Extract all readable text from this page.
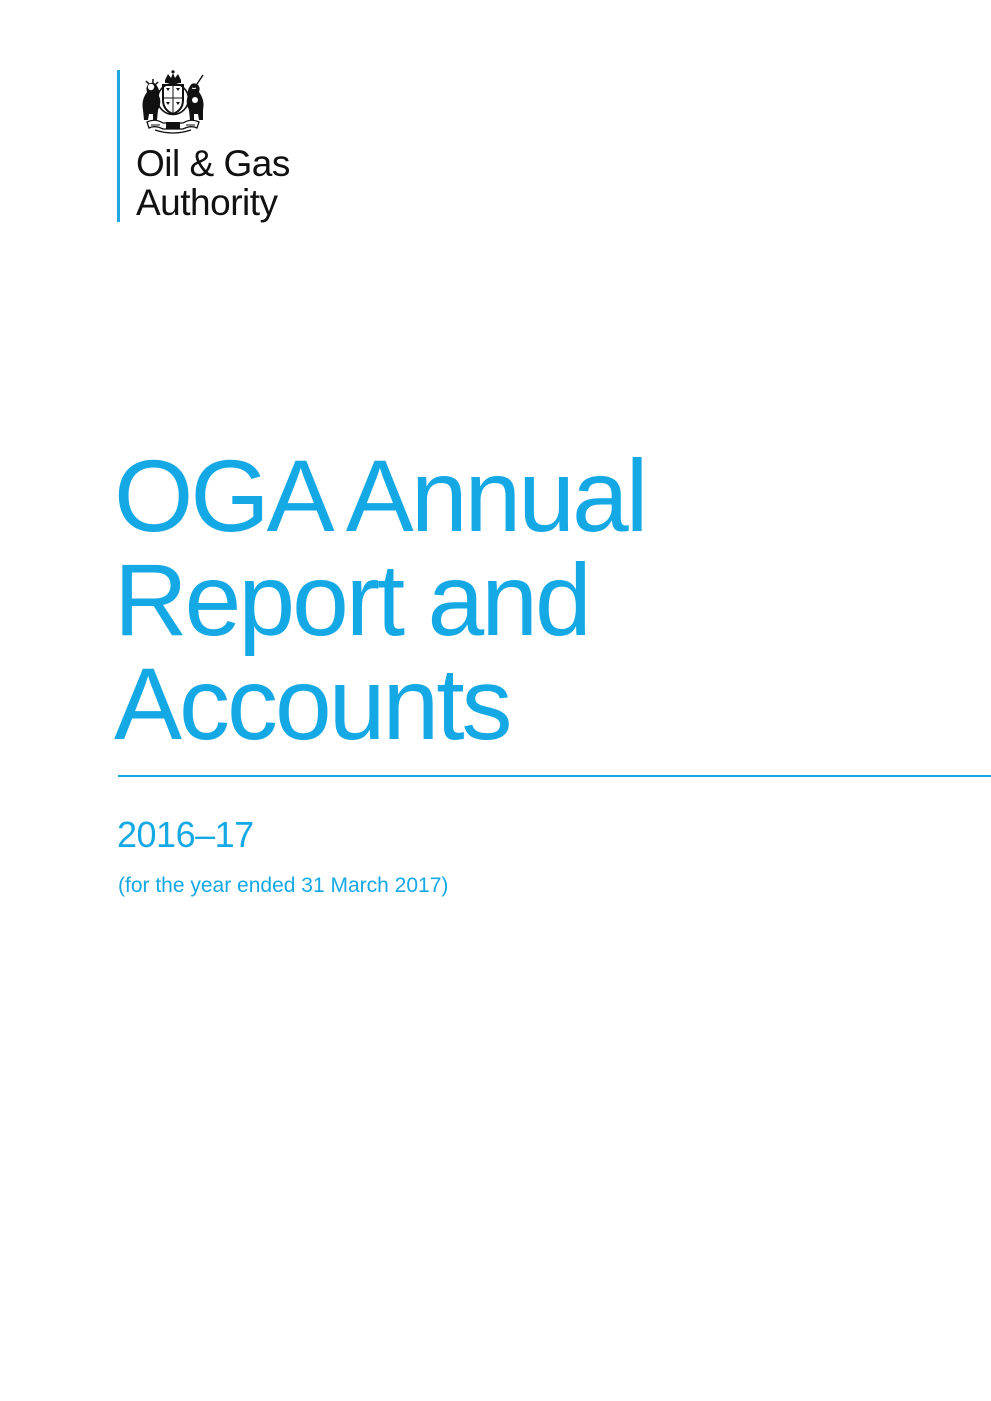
Oil & Gas
Authority
OGA Annual
Report and
Accounts
2016–17
(for the year ended 31 March 2017)
